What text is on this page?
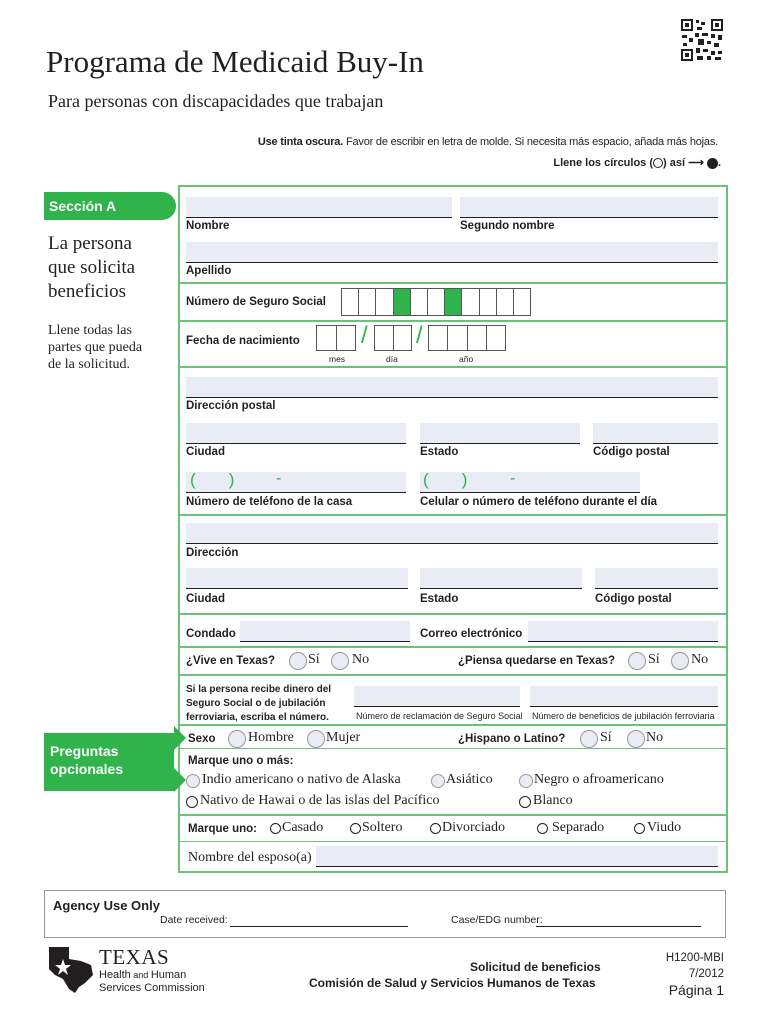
Programa de Medicaid Buy-In
Para personas con discapacidades que trabajan
Use tinta oscura. Favor de escribir en letra de molde. Si necesita más espacio, añada más hojas.
Llene los círculos ( ) así ⟶ .
Sección A
La persona que solicita beneficios
Llene todas las partes que pueda de la solicitud.
Nombre	Segundo nombre
Apellido
Número de Seguro Social
Fecha de nacimiento	/ /
mes	día	año
Dirección postal
Ciudad	Estado	Código postal
(       )	-	(       )	-
Número de teléfono de la casa	Celular o número de teléfono durante el día
Dirección
Ciudad	Estado	Código postal
Condado	Correo electrónico
¿Vive en Texas? Sí No	¿Piensa quedarse en Texas? Sí No
Si la persona recibe dinero del Seguro Social o de jubilación ferroviaria, escriba el número.	Número de reclamación de Seguro Social Número de beneficios de jubilación ferroviaria
Preguntas opcionales
Sexo Hombre Mujer	¿Hispano o Latino? Sí No
Marque uno o más:
Indio americano o nativo de Alaska	Asiático	Negro o afroamericano
Nativo de Hawai o de las islas del Pacífico	Blanco
Marque uno: Casado	Soltero	Divorciado	Separado	Viudo
Nombre del esposo(a)
Agency Use Only
Date received:	Case/EDG number:
TEXAS
Health and Human
Services Commission
Solicitud de beneficios
Comisión de Salud y Servicios Humanos de Texas
H1200-MBI
7/2012
Página 1
